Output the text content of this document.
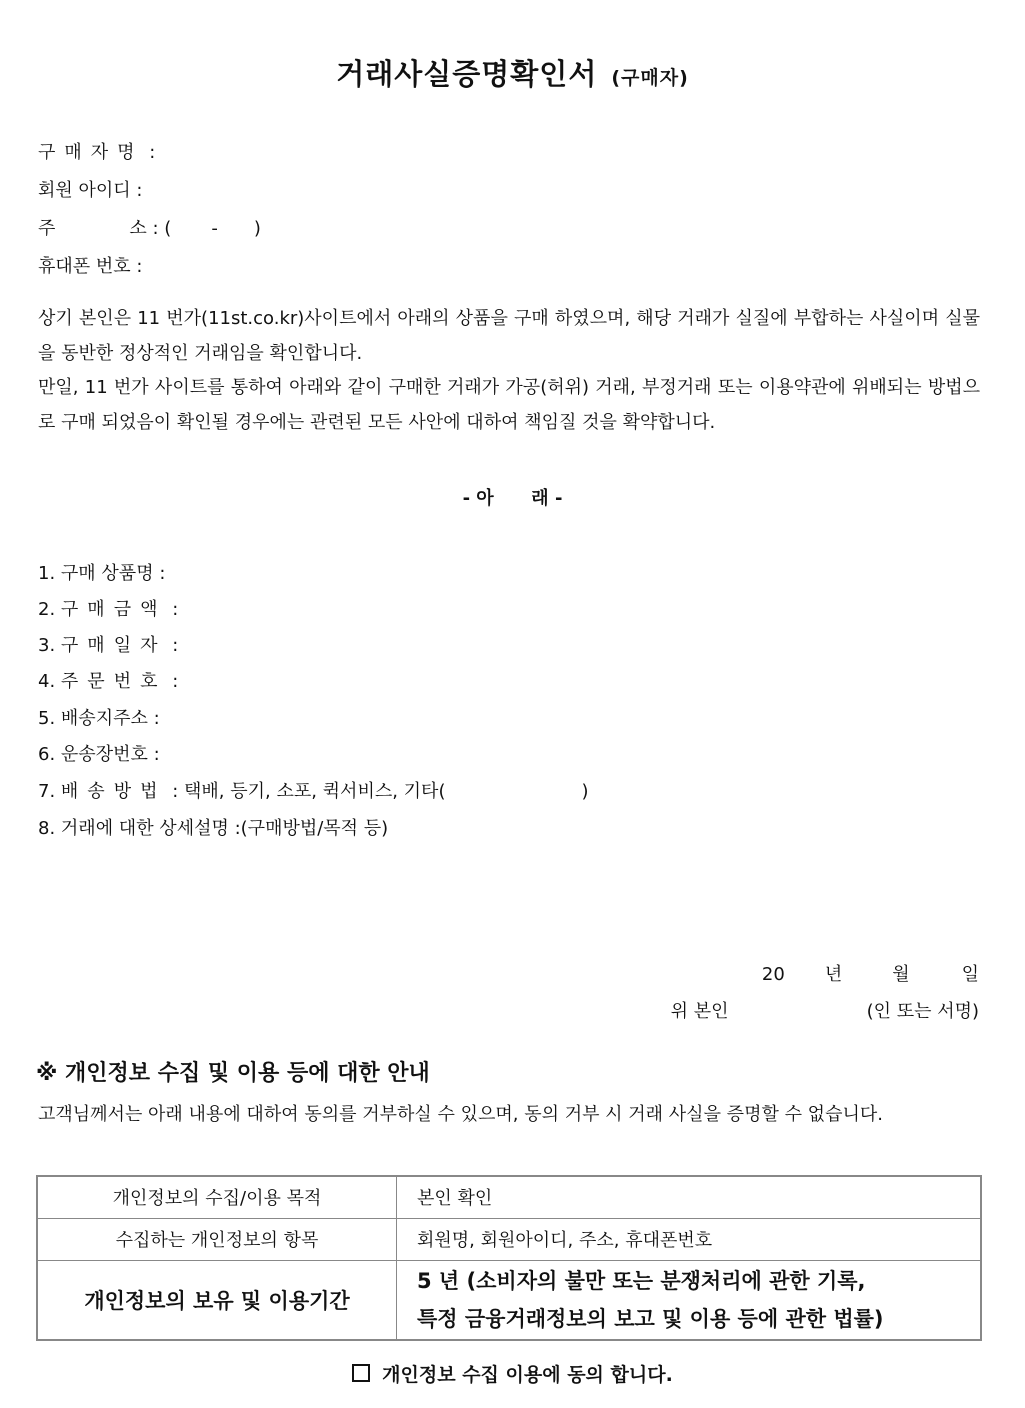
거래사실증명확인서 (구매자)
구매자명 :
회원 아이디 :
주	소 : ( - )
휴대폰 번호 :
상기 본인은 11 번가(11st.co.kr)사이트에서 아래의 상품을 구매 하였으며, 해당 거래가 실질에 부합하는 사실이며 실물을 동반한 정상적인 거래임을 확인합니다.
만일, 11 번가 사이트를 통하여 아래와 같이 구매한 거래가 가공(허위) 거래, 부정거래 또는 이용약관에 위배되는 방법으로 구매 되었음이 확인될 경우에는 관련된 모든 사안에 대하여 책임질 것을 확약합니다.
- 아      래 -
1. 구매 상품명 :
2. 구매금액 :
3. 구매일자 :
4. 주문번호 :
5. 배송지주소 :
6. 운송장번호 :
7. 배송방법 : 택배, 등기, 소포, 퀵서비스, 기타(	)
8. 거래에 대한 상세설명 :(구매방법/목적 등)
20 년	월	일
위 본인	(인 또는 서명)
※ 개인정보 수집 및 이용 등에 대한 안내
고객님께서는 아래 내용에 대하여 동의를 거부하실 수 있으며, 동의 거부 시 거래 사실을 증명할 수 없습니다.
개인정보의 수집/이용 목적	본인 확인
수집하는 개인정보의 항목	회원명, 회원아이디, 주소, 휴대폰번호
개인정보의 보유 및 이용기간	5 년 (소비자의 불만 또는 분쟁처리에 관한 기록,
특정 금융거래정보의 보고 및 이용 등에 관한 법률)
개인정보 수집 이용에 동의 합니다.
